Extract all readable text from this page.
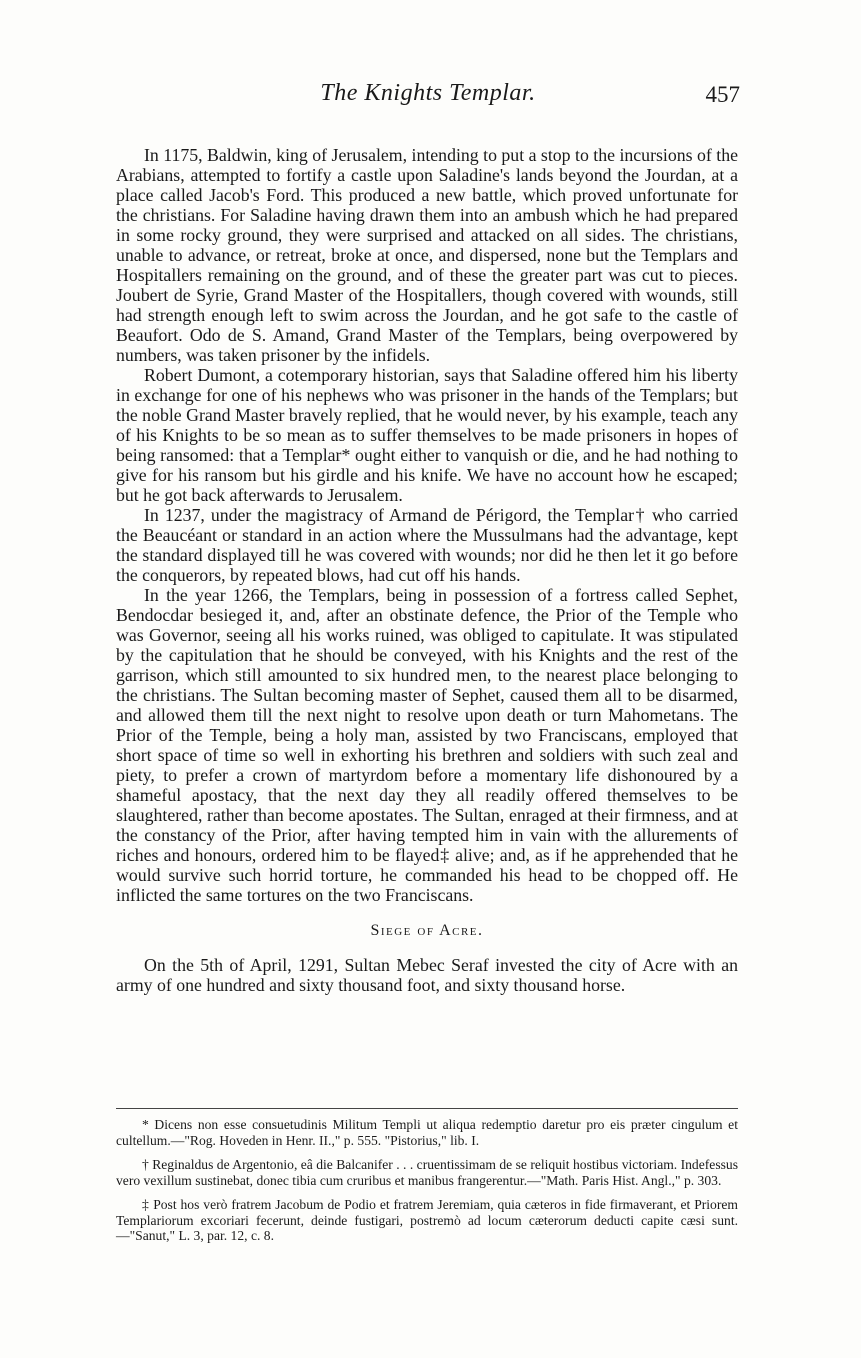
The Knights Templar.	457

In 1175, Baldwin, king of Jerusalem, intending to put a stop to the incursions of the Arabians, attempted to fortify a castle upon Saladine's lands beyond the Jourdan, at a place called Jacob's Ford. This produced a new battle, which proved unfortunate for the christians. For Saladine having drawn them into an ambush which he had prepared in some rocky ground, they were surprised and attacked on all sides. The christians, unable to advance, or retreat, broke at once, and dispersed, none but the Templars and Hospitallers remaining on the ground, and of these the greater part was cut to pieces. Joubert de Syrie, Grand Master of the Hospitallers, though covered with wounds, still had strength enough left to swim across the Jourdan, and he got safe to the castle of Beaufort. Odo de S. Amand, Grand Master of the Templars, being overpowered by numbers, was taken prisoner by the infidels.

Robert Dumont, a cotemporary historian, says that Saladine offered him his liberty in exchange for one of his nephews who was prisoner in the hands of the Templars; but the noble Grand Master bravely replied, that he would never, by his example, teach any of his Knights to be so mean as to suffer themselves to be made prisoners in hopes of being ransomed: that a Templar* ought either to vanquish or die, and he had nothing to give for his ransom but his girdle and his knife. We have no account how he escaped; but he got back afterwards to Jerusalem.

In 1237, under the magistracy of Armand de Périgord, the Templar† who carried the Beaucéant or standard in an action where the Mussulmans had the advantage, kept the standard displayed till he was covered with wounds; nor did he then let it go before the conquerors, by repeated blows, had cut off his hands.

In the year 1266, the Templars, being in possession of a fortress called Sephet, Bendocdar besieged it, and, after an obstinate defence, the Prior of the Temple who was Governor, seeing all his works ruined, was obliged to capitulate. It was stipulated by the capitulation that he should be conveyed, with his Knights and the rest of the garrison, which still amounted to six hundred men, to the nearest place belonging to the christians. The Sultan becoming master of Sephet, caused them all to be disarmed, and allowed them till the next night to resolve upon death or turn Mahometans. The Prior of the Temple, being a holy man, assisted by two Franciscans, employed that short space of time so well in exhorting his brethren and soldiers with such zeal and piety, to prefer a crown of martyrdom before a momentary life dishonoured by a shameful apostacy, that the next day they all readily offered themselves to be slaughtered, rather than become apostates. The Sultan, enraged at their firmness, and at the constancy of the Prior, after having tempted him in vain with the allurements of riches and honours, ordered him to be flayed‡ alive; and, as if he apprehended that he would survive such horrid torture, he commanded his head to be chopped off. He inflicted the same tortures on the two Franciscans.

Siege of Acre.

On the 5th of April, 1291, Sultan Mebec Seraf invested the city of Acre with an army of one hundred and sixty thousand foot, and sixty thousand horse.

* Dicens non esse consuetudinis Militum Templi ut aliqua redemptio daretur pro eis præter cingulum et cultellum.—"Rog. Hoveden in Henr. II.," p. 555. "Pistorius," lib. I.

† Reginaldus de Argentonio, eâ die Balcanifer . . . cruentissimam de se reliquit hostibus victoriam. Indefessus vero vexillum sustinebat, donec tibia cum cruribus et manibus frangerentur.—"Math. Paris Hist. Angl.," p. 303.

‡ Post hos verò fratrem Jacobum de Podio et fratrem Jeremiam, quia cæteros in fide firmaverant, et Priorem Templariorum excoriari fecerunt, deinde fustigari, postremò ad locum cæterorum deducti capite cæsi sunt.—"Sanut," L. 3, par. 12, c. 8.
